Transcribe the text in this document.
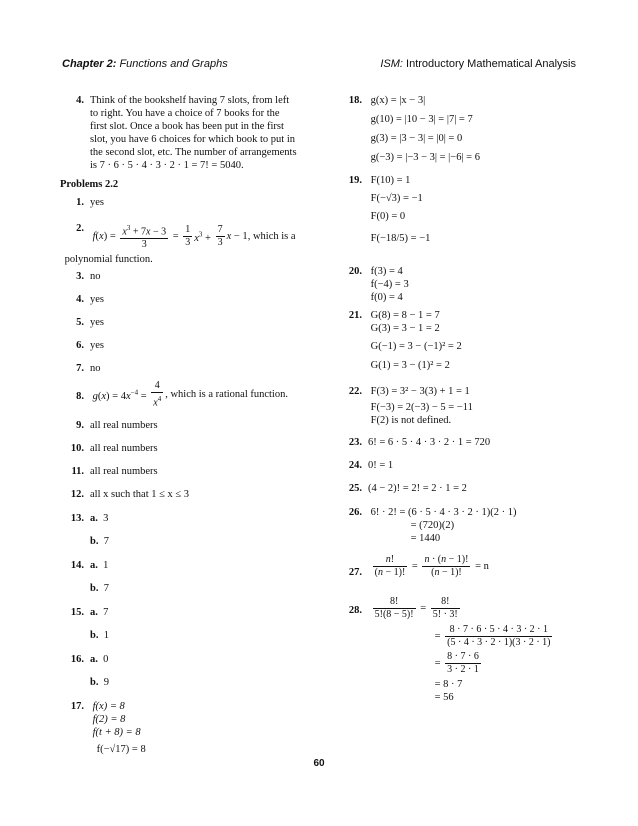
Chapter 2: Functions and Graphs	ISM: Introductory Mathematical Analysis
4. Think of the bookshelf having 7 slots, from left
to right. You have a choice of 7 books for the
first slot. Once a book has been put in the first
slot, you have 6 choices for which book to put in
the second slot, etc. The number of arrangements
is 7 · 6 · 5 · 4 · 3 · 2 · 1 = 7! = 5040.
Problems 2.2
1. yes
2. $f(x) = \frac{x^3 + 7x - 3}{3} = \frac{1}{3} x^3 + \frac{7}{3}$ x − 1, which is a
polynomial function.
3. no
4. yes
5. yes
6. yes
7. no
8. $g(x) = 4x^{-4} = \frac{4}{x^4}$ , which is a rational function.
9. all real numbers
10. all real numbers
11. all real numbers
12. all x such that 1 ≤ x ≤ 3
13. a. 3
b. 7
14. a. 1
b. 7
15. a. 7
b. 1
16. a. 0
b. 9
17. f(x) = 8
f(2) = 8
f(t + 8) = 8
f(−√17) = 8
18. g(x) = |x − 3|
g(10) = |10 − 3| = |7| = 7
g(3) = |3 − 3| = |0| = 0
g(−3) = |−3 − 3| = |−6| = 6
19. F(10) = 1
F(−√3) = −1
F(0) = 0
F(−18/5) = −1
20. f(3) = 4
f(−4) = 3
f(0) = 4
21. G(8) = 8 − 1 = 7
G(3) = 3 − 1 = 2
G(−1) = 3 − (−1)² = 2
G(1) = 3 − (1)² = 2
22. F(3) = 3² − 3(3) + 1 = 1
F(−3) = 2(−3) − 5 = −11
F(2) is not defined.
23. 6! = 6 · 5 · 4 · 3 · 2 · 1 = 720
24. 0! = 1
25. (4 − 2)! = 2! = 2 · 1 = 2
26. 6! · 2! = (6 · 5 · 4 · 3 · 2 · 1)(2 · 1)
= (720)(2)
= 1440
27. $\frac{n!}{(n - 1)!} = \frac{n \cdot (n - 1)!}{(n - 1)!} = n$
28. $\frac{8!}{5!(8 - 5)!} = \frac{8!}{5! \cdot 3!}$
= $\frac{8 \cdot 7 \cdot 6 \cdot 5 \cdot 4 \cdot 3 \cdot 2 \cdot 1}{(5 \cdot 4 \cdot 3 \cdot 2 \cdot 1)(3 \cdot 2 \cdot 1)}$
= $\frac{8 \cdot 7 \cdot 6}{3 \cdot 2 \cdot 1}$
= 8 · 7
= 56
60
